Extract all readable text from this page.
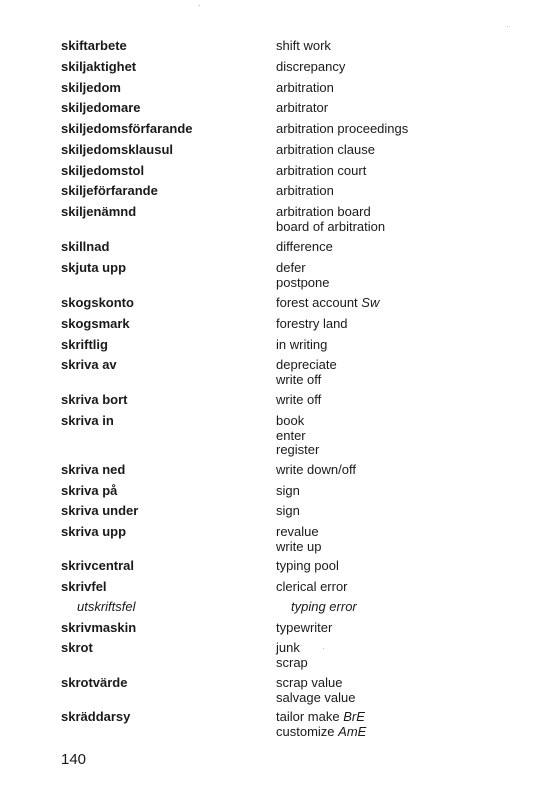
skiftarbete	shift work
skiljaktighet	discrepancy
skiljedom	arbitration
skiljedomare	arbitrator
skiljedomsförfarande	arbitration proceedings
skiljedomsklausul	arbitration clause
skiljedomstol	arbitration court
skiljeförfarande	arbitration
skiljenämnd	arbitration board
board of arbitration
skillnad	difference
skjuta upp	defer
postpone
skogskonto	forest account Sw
skogsmark	forestry land
skriftlig	in writing
skriva av	depreciate
write off
skriva bort	write off
skriva in	book
enter
register
skriva ned	write down/off
skriva på	sign
skriva under	sign
skriva upp	revalue
write up
skrivcentral	typing pool
skrivfel	clerical error
utskriftsfel	typing error
skrivmaskin	typewriter
skrot	junk
scrap
skrotvärde	scrap value
salvage value
skräddarsy	tailor make BrE
customize AmE
140
